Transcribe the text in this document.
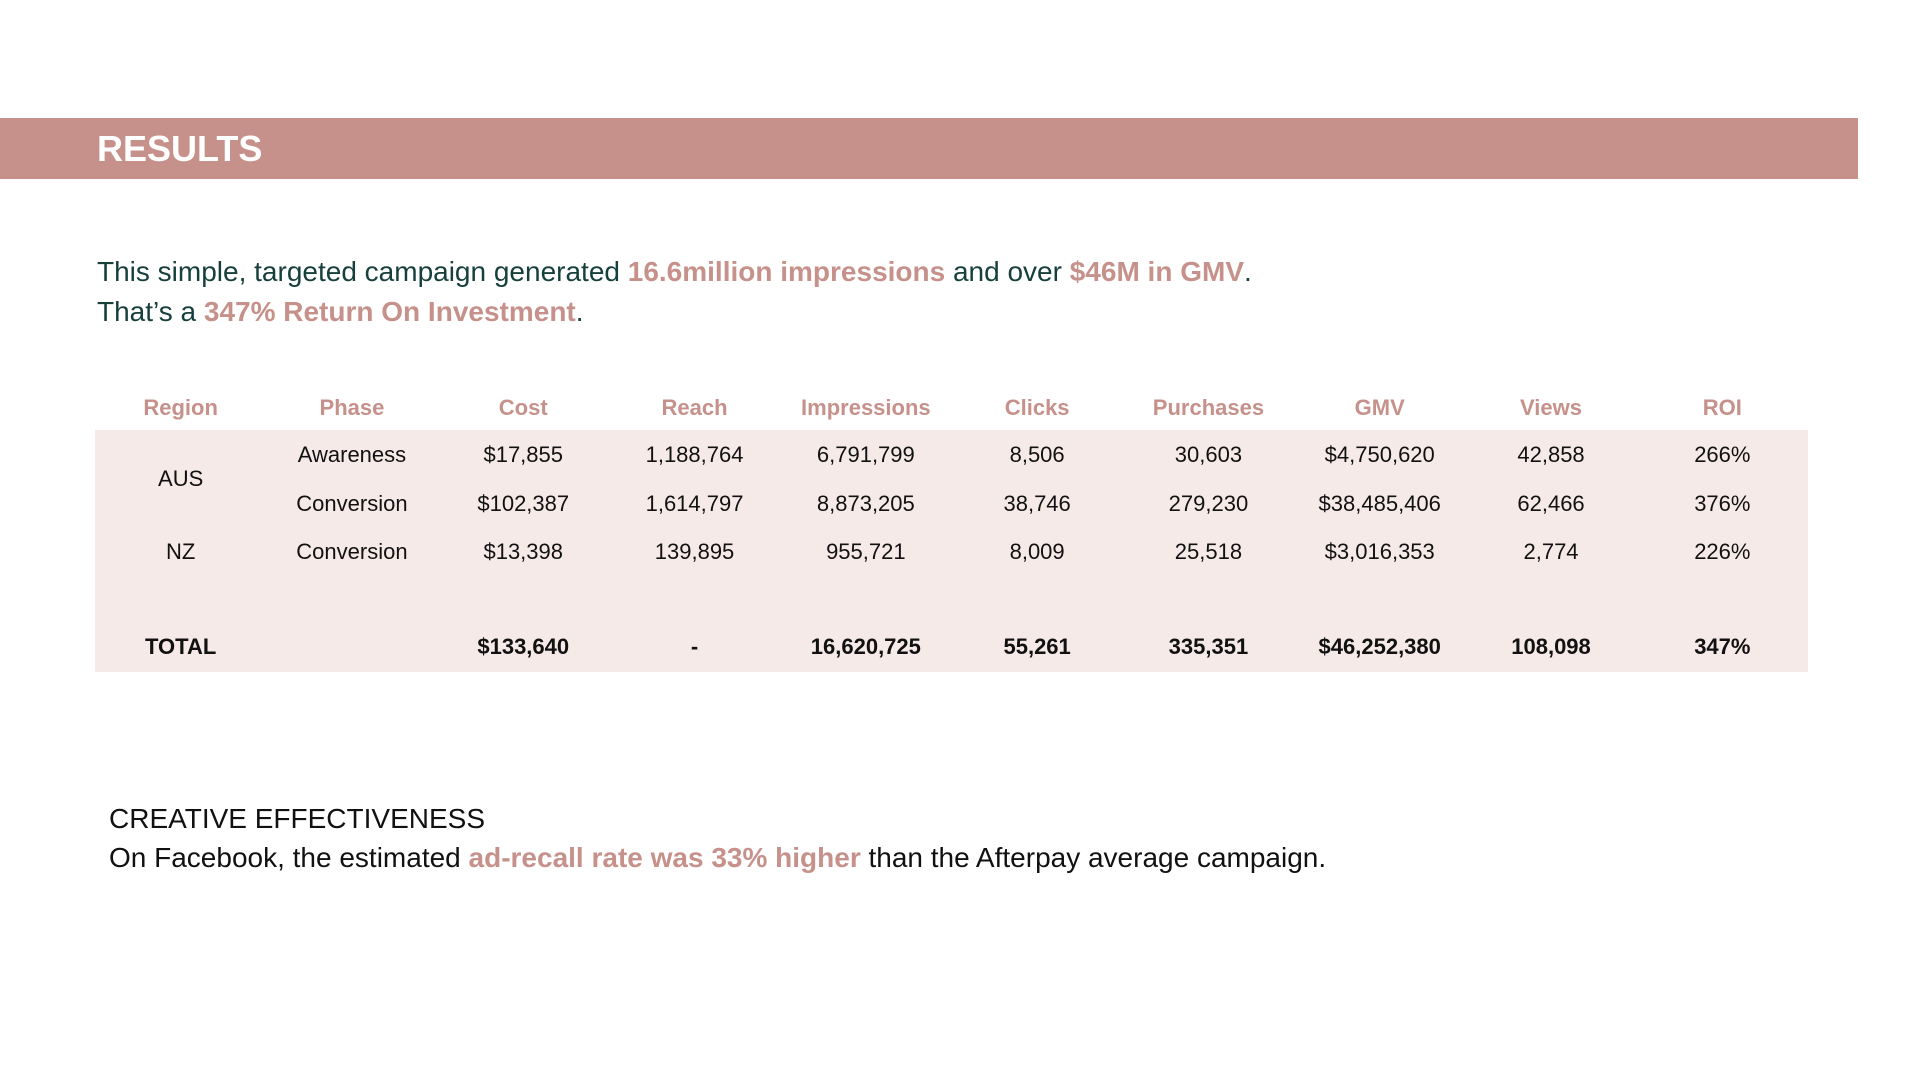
RESULTS
This simple, targeted campaign generated 16.6million impressions and over $46M in GMV.
That’s a 347% Return On Investment.
Region	Phase	Cost	Reach	Impressions	Clicks	Purchases	GMV	Views	ROI
AUS	Awareness	$17,855	1,188,764	6,791,799	8,506	30,603	$4,750,620	42,858	266%
	Conversion	$102,387	1,614,797	8,873,205	38,746	279,230	$38,485,406	62,466	376%
NZ	Conversion	$13,398	139,895	955,721	8,009	25,518	$3,016,353	2,774	226%

TOTAL		$133,640	-	16,620,725	55,261	335,351	$46,252,380	108,098	347%
CREATIVE EFFECTIVENESS

On Facebook, the estimated ad-recall rate was 33% higher than the Afterpay average campaign.
